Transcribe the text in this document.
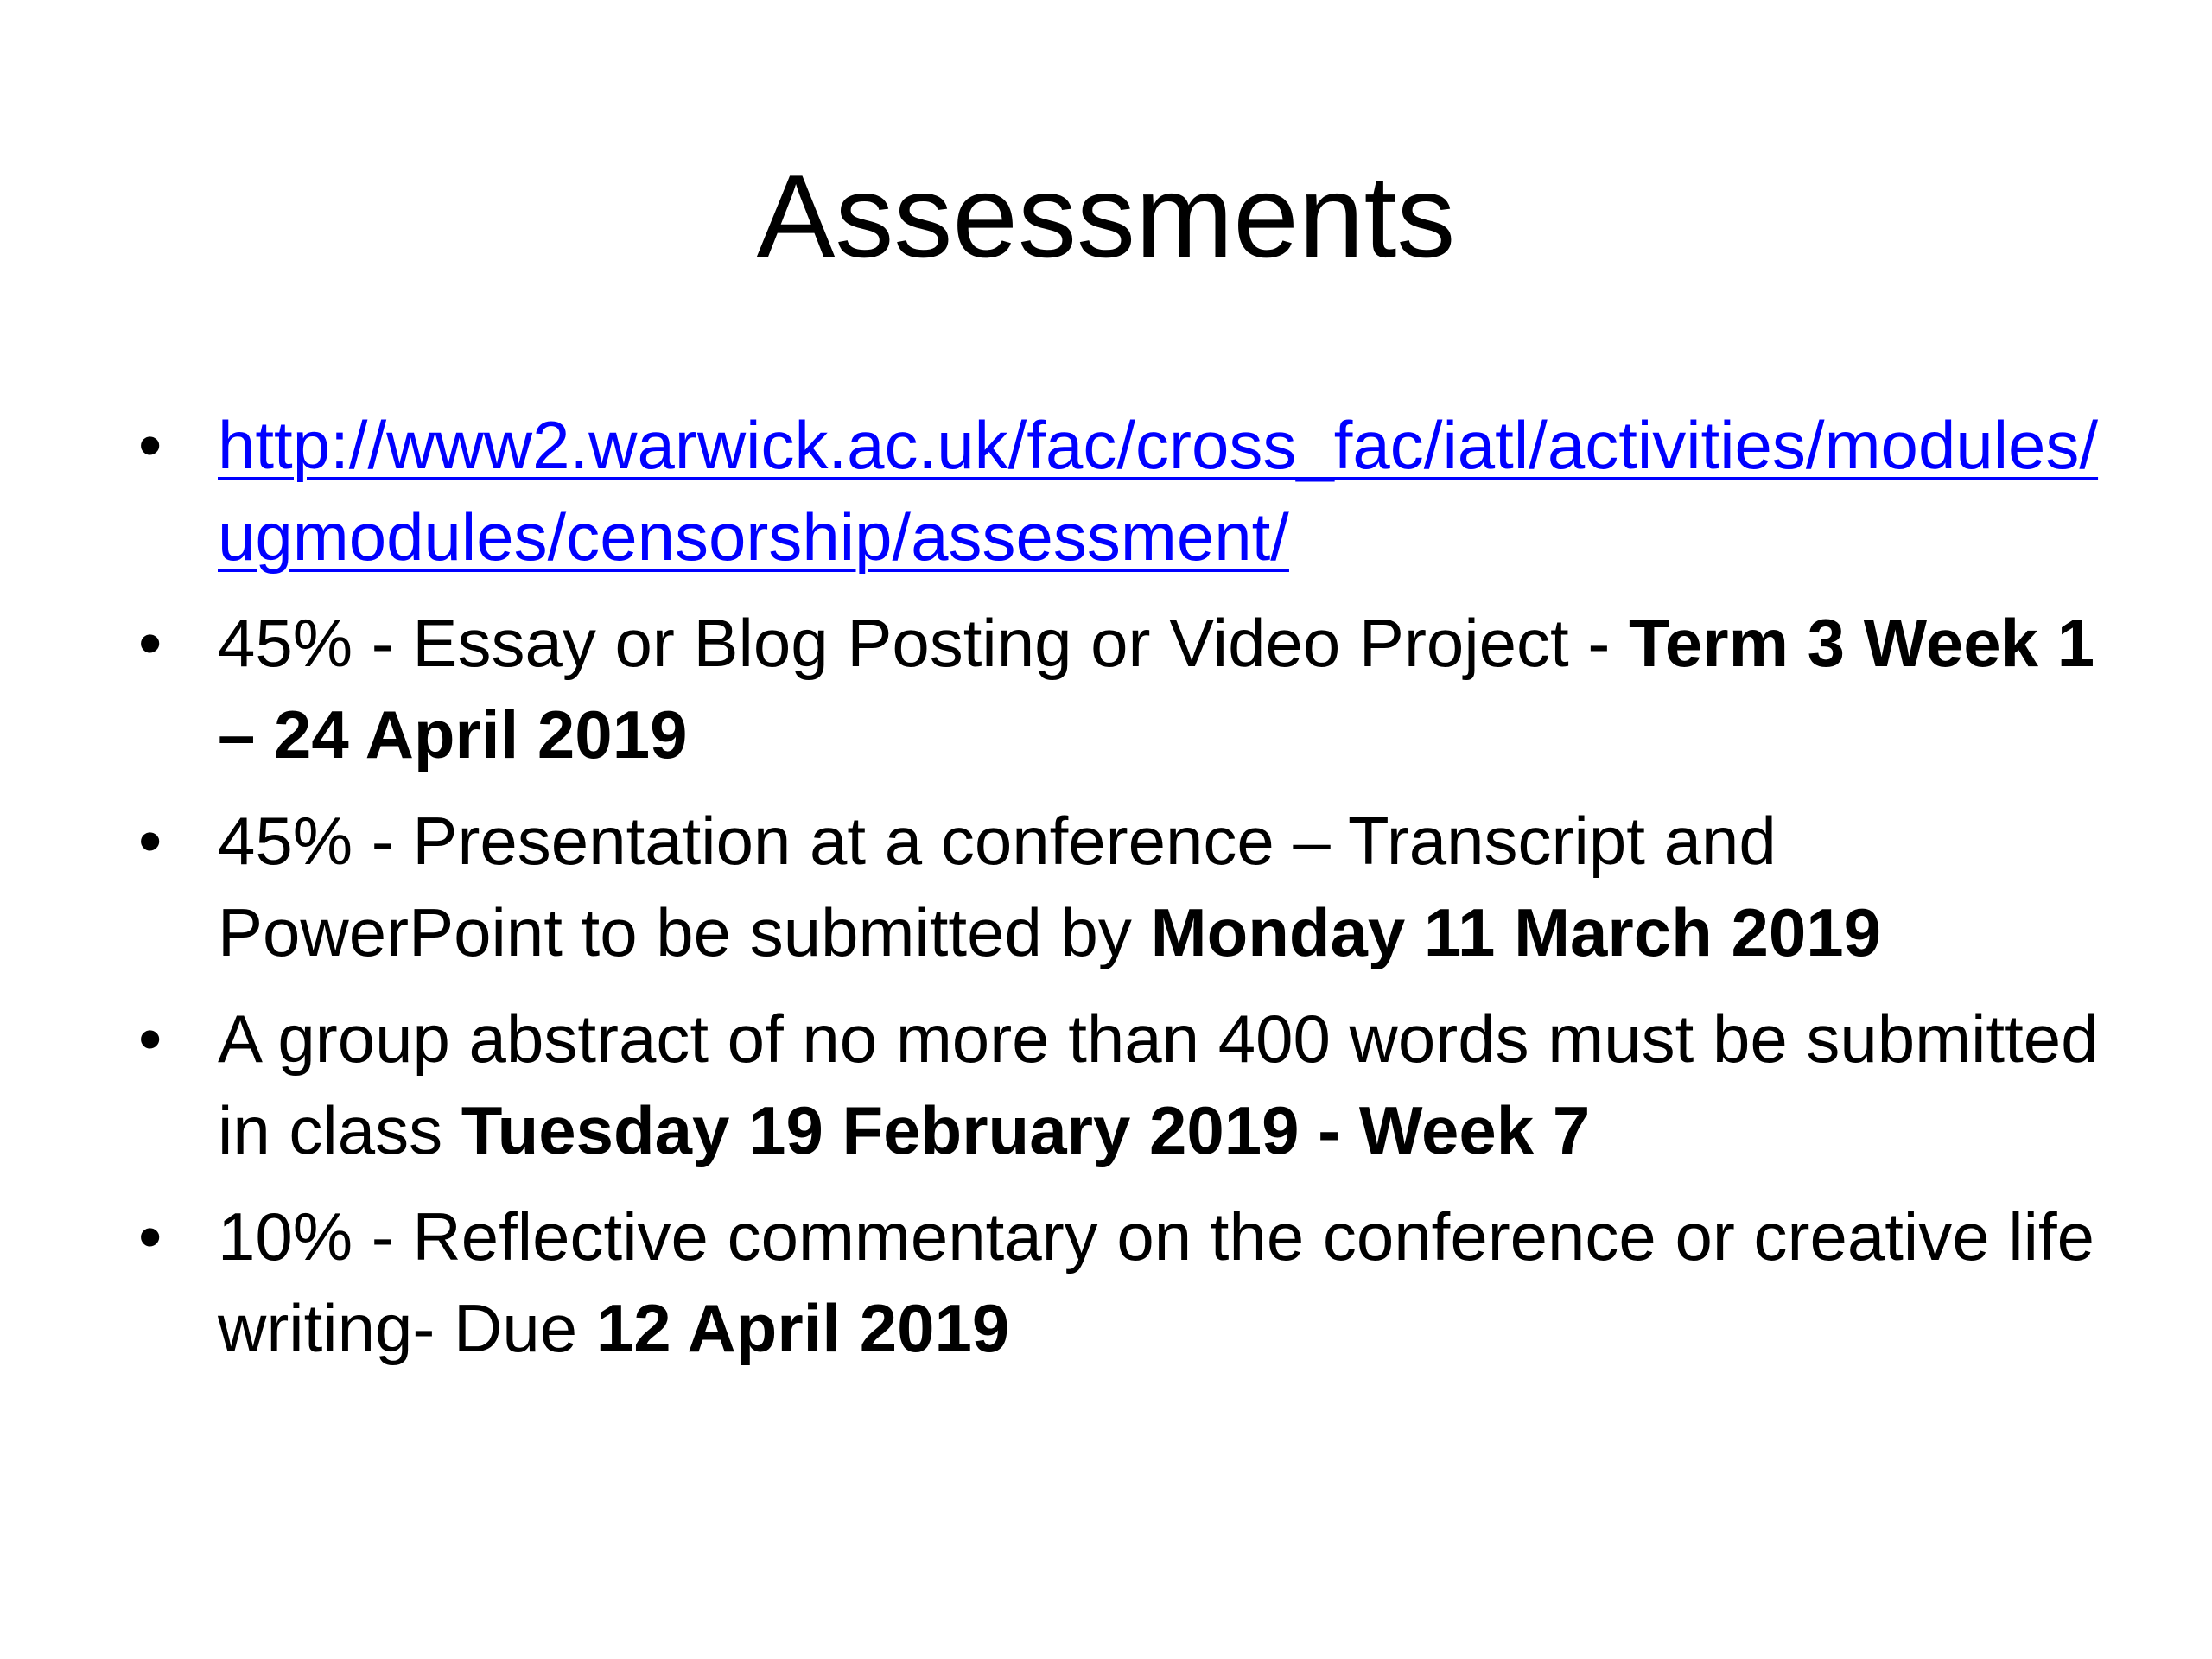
Assessments
• http://www2.warwick.ac.uk/fac/cross_fac/iatl/activities/modules/ugmodules/censorship/assessment/
• 45% - Essay or Blog Posting or Video Project - Term 3 Week 1 – 24 April 2019
• 45% - Presentation at a conference – Transcript and PowerPoint to be submitted by Monday 11 March 2019
• A group abstract of no more than 400 words must be submitted in class Tuesday 19 February 2019 - Week 7
• 10% - Reflective commentary on the conference or creative life writing- Due 12 April 2019
